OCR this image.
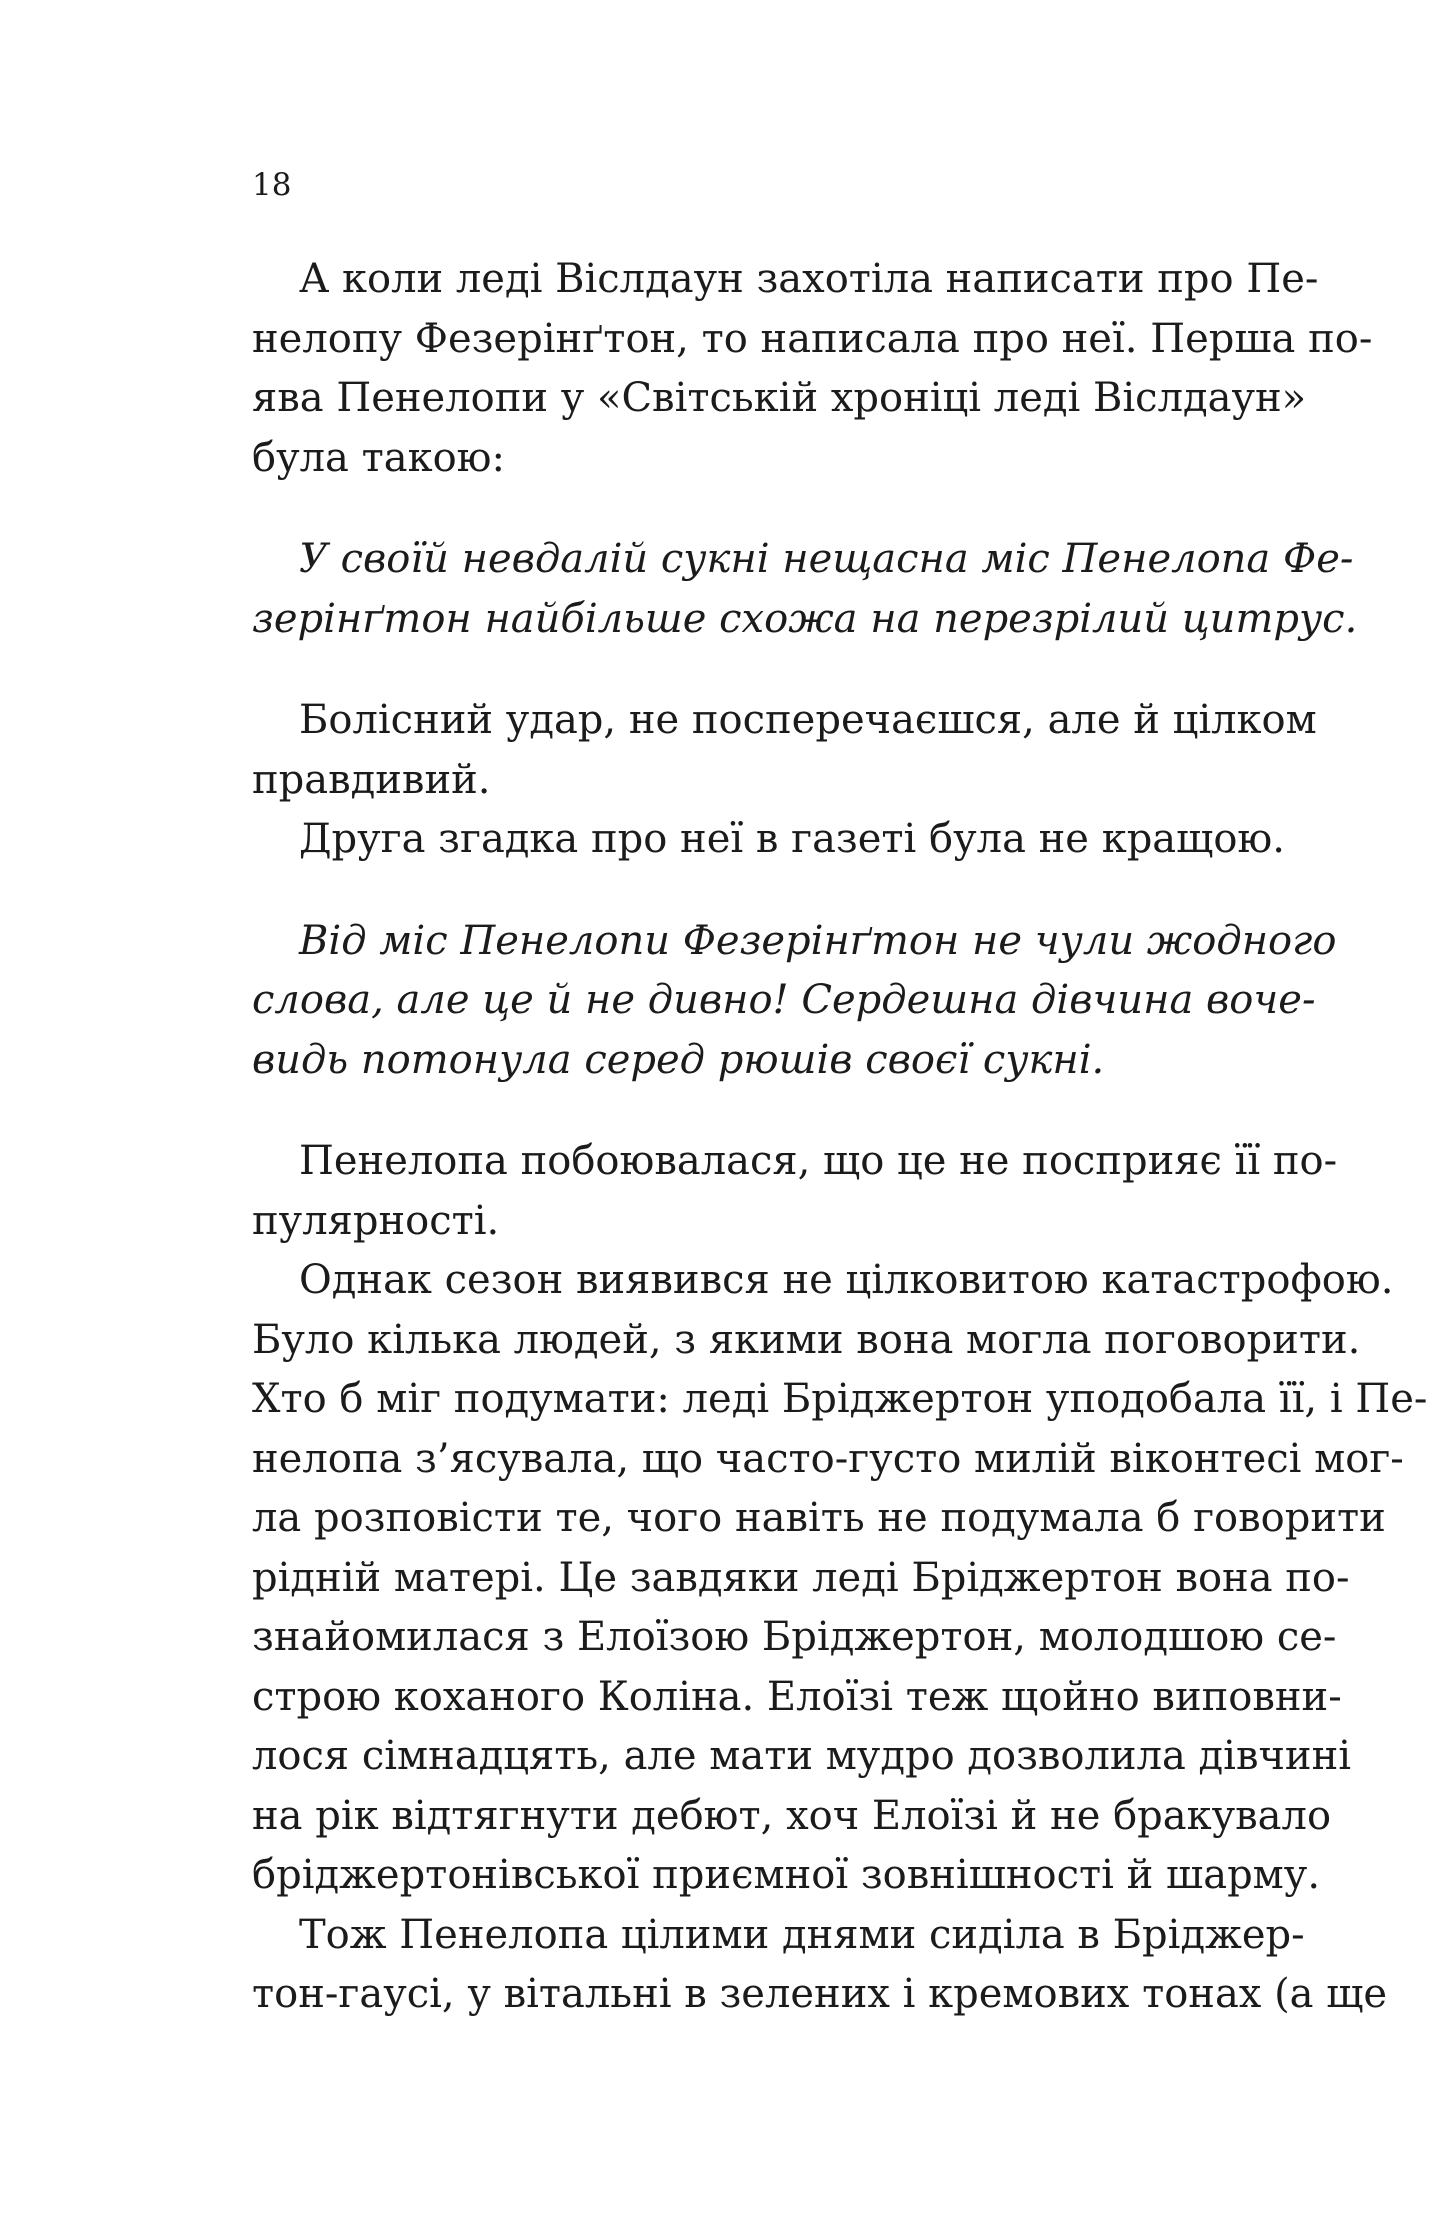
18
А коли леді Віслдаун захотіла написати про Пе-
нелопу Фезерінґтон, то написала про неї. Перша по-
ява Пенелопи у «Світській хроніці леді Віслдаун»
була такою:
У своїй невдалій сукні нещасна міс Пенелопа Фе-
зерінґтон найбільше схожа на перезрілий цитрус.
Болісний удар, не посперечаєшся, але й цілком
правдивий.
Друга згадка про неї в газеті була не кращою.
Від міс Пенелопи Фезерінґтон не чули жодного
слова, але це й не дивно! Сердешна дівчина воче-
видь потонула серед рюшів своєї сукні.
Пенелопа побоювалася, що це не посприяє її по-
пулярності.
Однак сезон виявився не цілковитою катастрофою.
Було кілька людей, з якими вона могла поговорити.
Хто б міг подумати: леді Бріджертон уподобала її, і Пе-
нелопа з’ясувала, що часто-густо милій віконтесі мог-
ла розповісти те, чого навіть не подумала б говорити
рідній матері. Це завдяки леді Бріджертон вона по-
знайомилася з Елоїзою Бріджертон, молодшою се-
строю коханого Коліна. Елоїзі теж щойно виповни-
лося сімнадцять, але мати мудро дозволила дівчині
на рік відтягнути дебют, хоч Елоїзі й не бракувало
бріджертонівської приємної зовнішності й шарму.
Тож Пенелопа цілими днями сиділа в Бріджер-
тон-гаусі, у вітальні в зелених і кремових тонах (а ще
